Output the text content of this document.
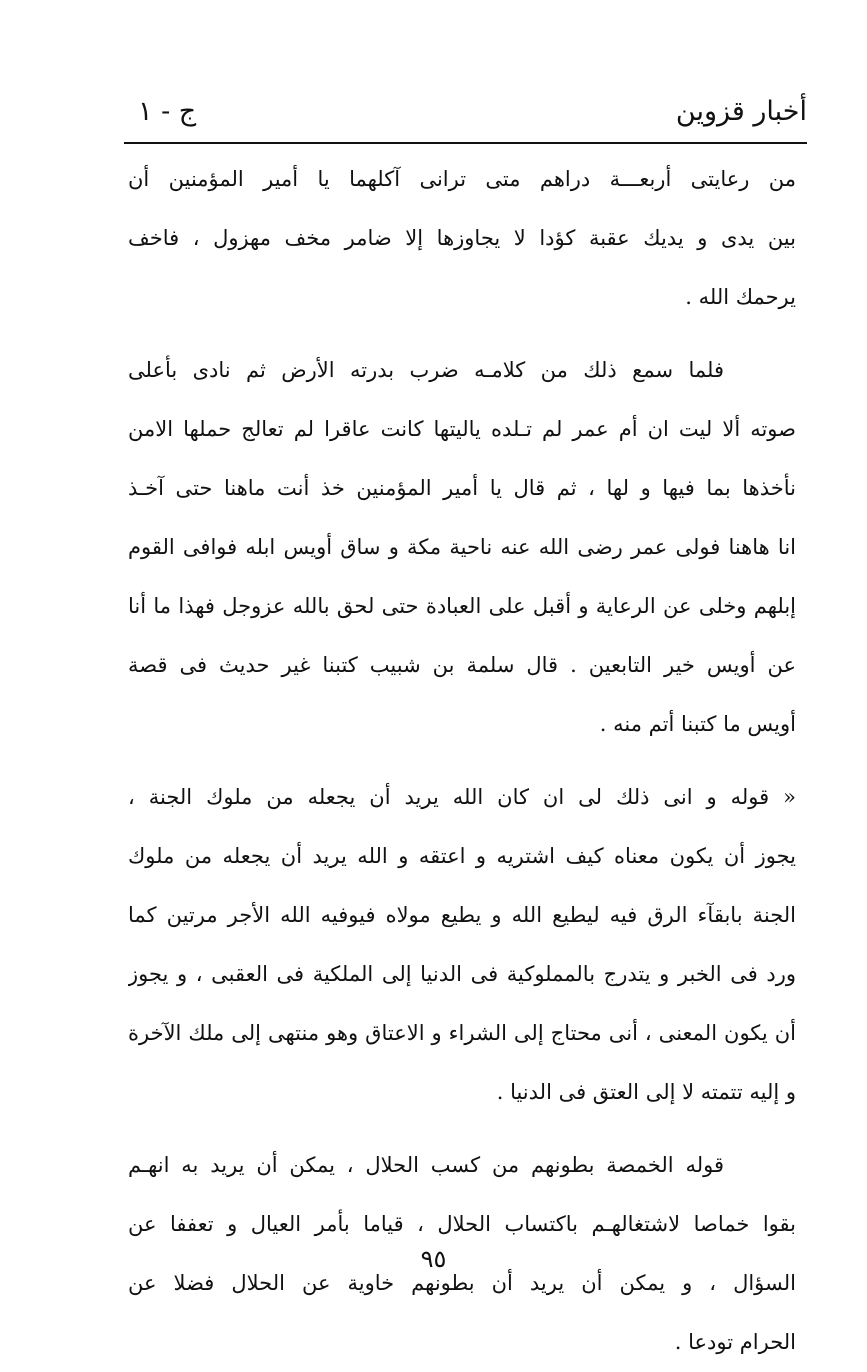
أخبار قزوين
ج - ١
من رعايتى أربعـــة دراهم متى ترانى آكلهما يا أمير المؤمنين أن
بين يدى و يديك عقبة كؤدا لا يجاوزها إلا ضامر مخف مهزول ، فاخف
يرحمك الله .
فلما سمع ذلك من كلامـه ضرب بدرته الأرض ثم نادى بأعلى
صوته ألا ليت ان أم عمر لم تـلده ياليتها كانت عاقرا لم تعالج حملها الامن
نأخذها بما فيها و لها ، ثم قال يا أمير المؤمنين خذ أنت ماهنا حتى آخـذ
انا هاهنا فولى عمر رضى الله عنه ناحية مكة و ساق أويس ابله فوافى القوم
إبلهم وخلى عن الرعاية و أقبل على العبادة حتى لحق بالله عزوجل فهذا ما أنا
عن أويس خير التابعين . قال سلمة بن شبيب كتبنا غير حديث فى قصة
أويس ما كتبنا أتم منه .
« قوله و انى ذلك لى ان كان الله يريد أن يجعله من ملوك الجنة ،
يجوز أن يكون معناه كيف اشتريه و اعتقه و الله يريد أن يجعله من ملوك
الجنة بابقآء الرق فيه ليطيع الله و يطيع مولاه فيوفيه الله الأجر مرتين كما
ورد فى الخبر و يتدرج بالمملوكية فى الدنيا إلى الملكية فى العقبى ، و يجوز
أن يكون المعنى ، أنى محتاج إلى الشراء و الاعتاق وهو منتهى إلى ملك الآخرة
و إليه تتمته لا إلى العتق فى الدنيا .
قوله الخمصة بطونهم من كسب الحلال ، يمكن أن يريد به انهـم
بقوا خماصا لاشتغالهـم باكتساب الحلال ، قياما بأمر العيال و تعففا عن
السؤال ، و يمكن أن يريد أن بطونهم خاوية عن الحلال فضلا عن
الحرام تودعا .
٩٥
